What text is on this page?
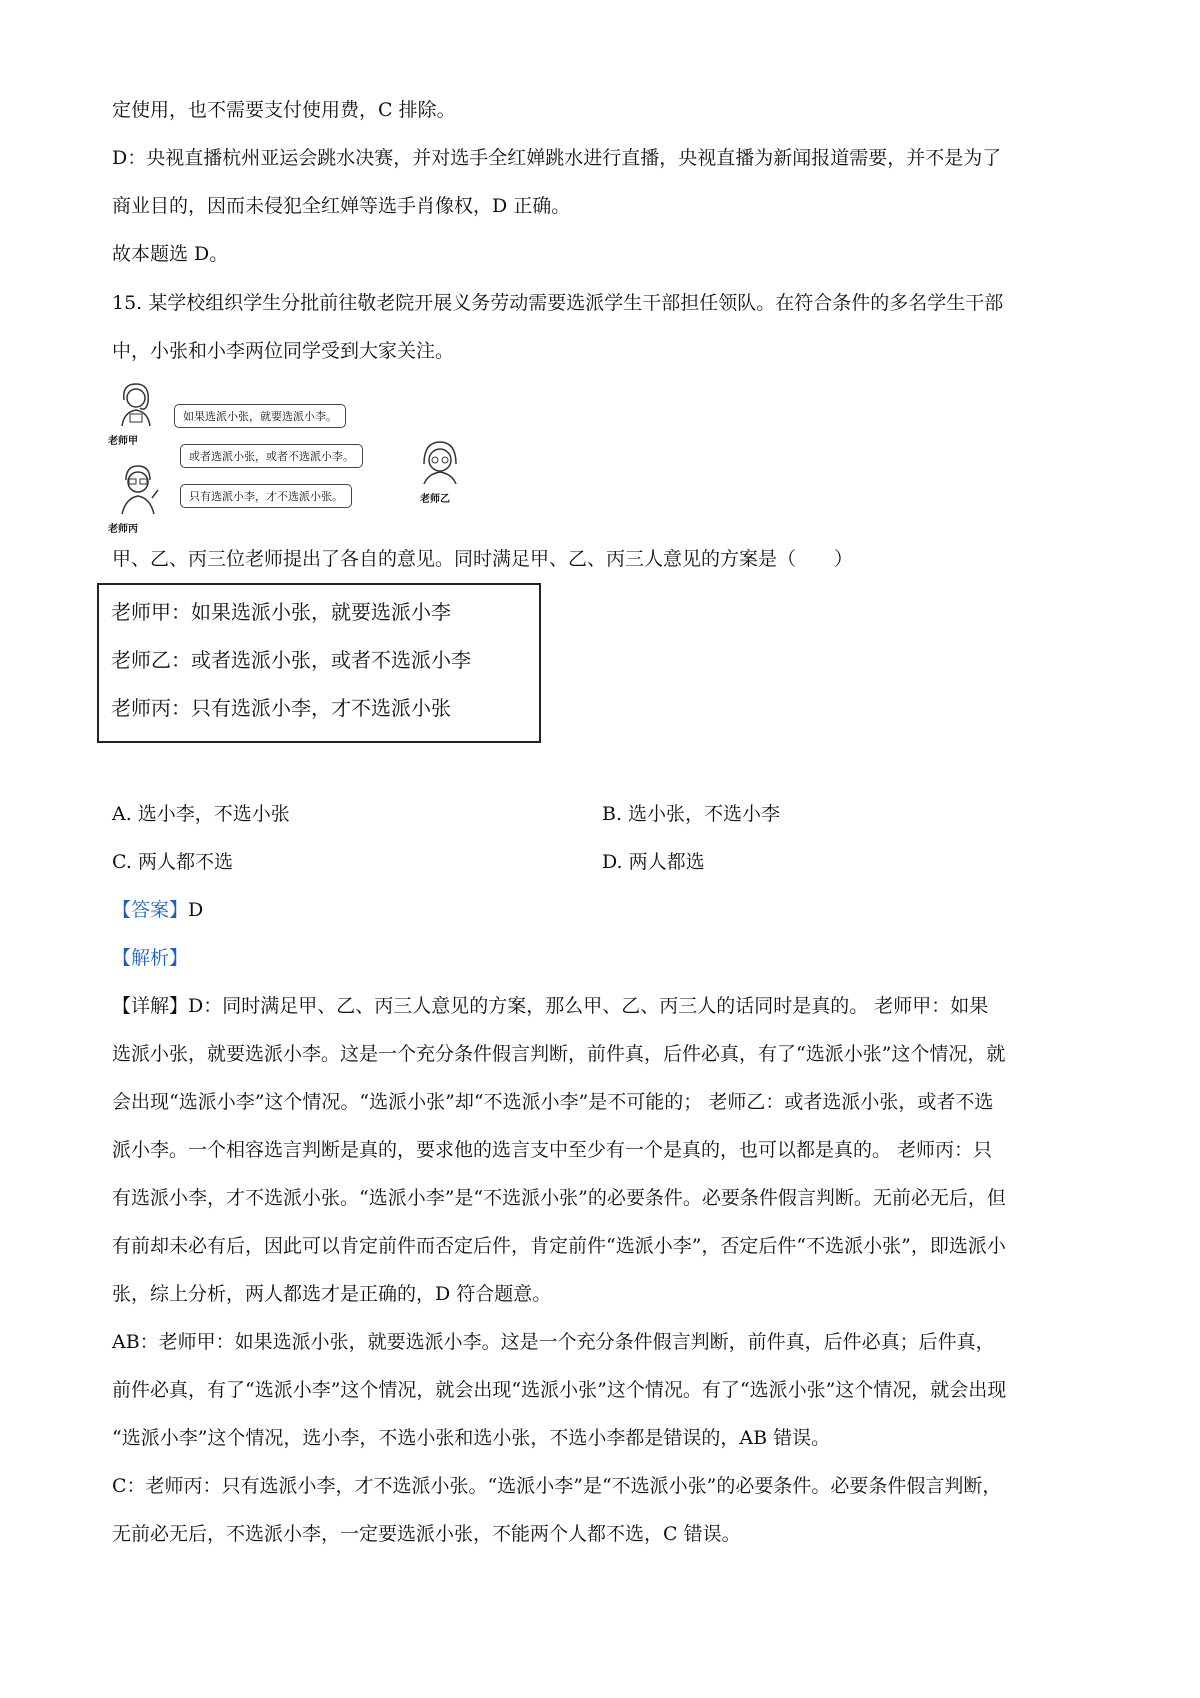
定使用，也不需要支付使用费，C 排除。
D：央视直播杭州亚运会跳水决赛，并对选手全红婵跳水进行直播，央视直播为新闻报道需要，并不是为了
商业目的，因而未侵犯全红婵等选手肖像权，D 正确。
故本题选 D。
15. 某学校组织学生分批前往敬老院开展义务劳动需要选派学生干部担任领队。在符合条件的多名学生干部
中，小张和小李两位同学受到大家关注。
老师甲
如果选派小张，就要选派小李。
或者选派小张，或者不选派小李。
只有选派小李，才不选派小张。	老师乙
老师丙
甲、乙、丙三位老师提出了各自的意见。同时满足甲、乙、丙三人意见的方案是（　　）
老师甲：如果选派小张，就要选派小李
老师乙：或者选派小张，或者不选派小李
老师丙：只有选派小李，才不选派小张
A. 选小李，不选小张	B. 选小张，不选小李
C. 两人都不选	D. 两人都选
【答案】D
【解析】
【详解】D：同时满足甲、乙、丙三人意见的方案，那么甲、乙、丙三人的话同时是真的。 老师甲：如果
选派小张，就要选派小李。这是一个充分条件假言判断，前件真，后件必真，有了“选派小张”这个情况，就
会出现“选派小李”这个情况。“选派小张”却“不选派小李”是不可能的； 老师乙：或者选派小张，或者不选
派小李。一个相容选言判断是真的，要求他的选言支中至少有一个是真的，也可以都是真的。 老师丙：只
有选派小李，才不选派小张。“选派小李”是“不选派小张”的必要条件。必要条件假言判断。无前必无后，但
有前却未必有后，因此可以肯定前件而否定后件，肯定前件“选派小李”，否定后件“不选派小张”，即选派小
张，综上分析，两人都选才是正确的，D 符合题意。
AB：老师甲：如果选派小张，就要选派小李。这是一个充分条件假言判断，前件真，后件必真；后件真，
前件必真，有了“选派小李”这个情况，就会出现“选派小张”这个情况。有了“选派小张”这个情况，就会出现
“选派小李”这个情况，选小李，不选小张和选小张，不选小李都是错误的，AB 错误。
C：老师丙：只有选派小李，才不选派小张。“选派小李”是“不选派小张”的必要条件。必要条件假言判断，
无前必无后，不选派小李，一定要选派小张，不能两个人都不选，C 错误。
